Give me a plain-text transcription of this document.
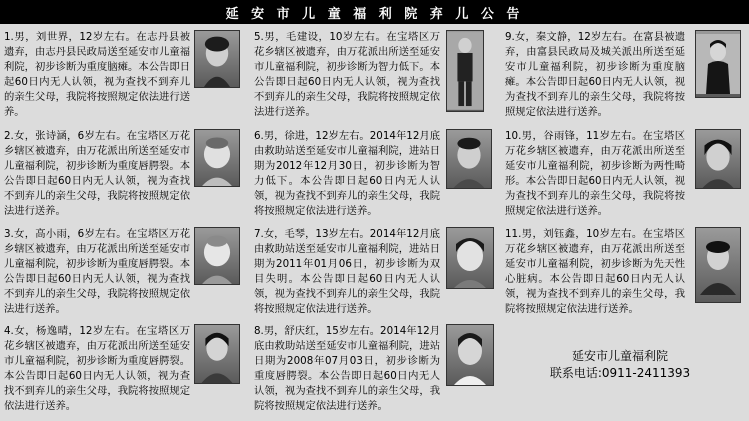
延 安 市 儿 童 福 利 院 弃 儿 公 告
1.男，刘世界，12岁左右。在志丹县被遗弃，由志丹县民政局送至延安市儿童福利院，初步诊断为重度脑瘫。本公告即日起60日内无人认领，视为查找不到弃儿的亲生父母，我院将按照规定依法进行送养。
2.女，张诗涵，6岁左右。在宝塔区万花乡辖区被遗弃，由万花派出所送至延安市儿童福利院，初步诊断为重度唇腭裂。本公告即日起60日内无人认领，视为查找不到弃儿的亲生父母，我院将按照规定依法进行送养。
3.女，高小雨，6岁左右。在宝塔区万花乡辖区被遗弃，由万花派出所送至延安市儿童福利院，初步诊断为重度唇腭裂。本公告即日起60日内无人认领，视为查找不到弃儿的亲生父母，我院将按照规定依法进行送养。
4.女，杨逸晴，12岁左右。在宝塔区万花乡辖区被遗弃，由万花派出所送至延安市儿童福利院，初步诊断为重度唇腭裂。本公告即日起60日内无人认领，视为查找不到弃儿的亲生父母，我院将按照规定依法进行送养。
5.男，毛建设，10岁左右。在宝塔区万花乡辖区被遗弃，由万花派出所送至延安市儿童福利院，初步诊断为智力低下。本公告即日起60日内无人认领，视为查找不到弃儿的亲生父母，我院将按照规定依法进行送养。
6.男，徐进，12岁左右。2014年12月底由救助站送至延安市儿童福利院，进站日期为2012年12月30日，初步诊断为智力低下。本公告即日起60日内无人认领，视为查找不到弃儿的亲生父母，我院将按照规定依法进行送养。
7.女，毛琴，13岁左右。2014年12月底由救助站送至延安市儿童福利院，进站日期为2011年01月06日，初步诊断为双目失明。本公告即日起60日内无人认领，视为查找不到弃儿的亲生父母，我院将按照规定依法进行送养。
8.男，舒庆红，15岁左右。2014年12月底由救助站送至延安市儿童福利院，进站日期为2008年07月03日，初步诊断为重度唇腭裂。本公告即日起60日内无人认领，视为查找不到弃儿的亲生父母，我院将按照规定依法进行送养。
9.女，秦文静，12岁左右。在富县被遗弃，由富县民政局及城关派出所送至延安市儿童福利院，初步诊断为重度脑瘫。本公告即日起60日内无人认领，视为查找不到弃儿的亲生父母，我院将按照规定依法进行送养。
10.男，谷雨锋，11岁左右。在宝塔区万花乡辖区被遗弃，由万花派出所送至延安市儿童福利院，初步诊断为两性畸形。本公告即日起60日内无人认领，视为查找不到弃儿的亲生父母，我院将按照规定依法进行送养。
11.男，刘钰鑫，10岁左右。在宝塔区万花乡辖区被遗弃，由万花派出所送至延安市儿童福利院，初步诊断为先天性心脏病。本公告即日起60日内无人认领，视为查找不到弃儿的亲生父母，我院将按照规定依法进行送养。
延安市儿童福利院
联系电话:0911-2411393
